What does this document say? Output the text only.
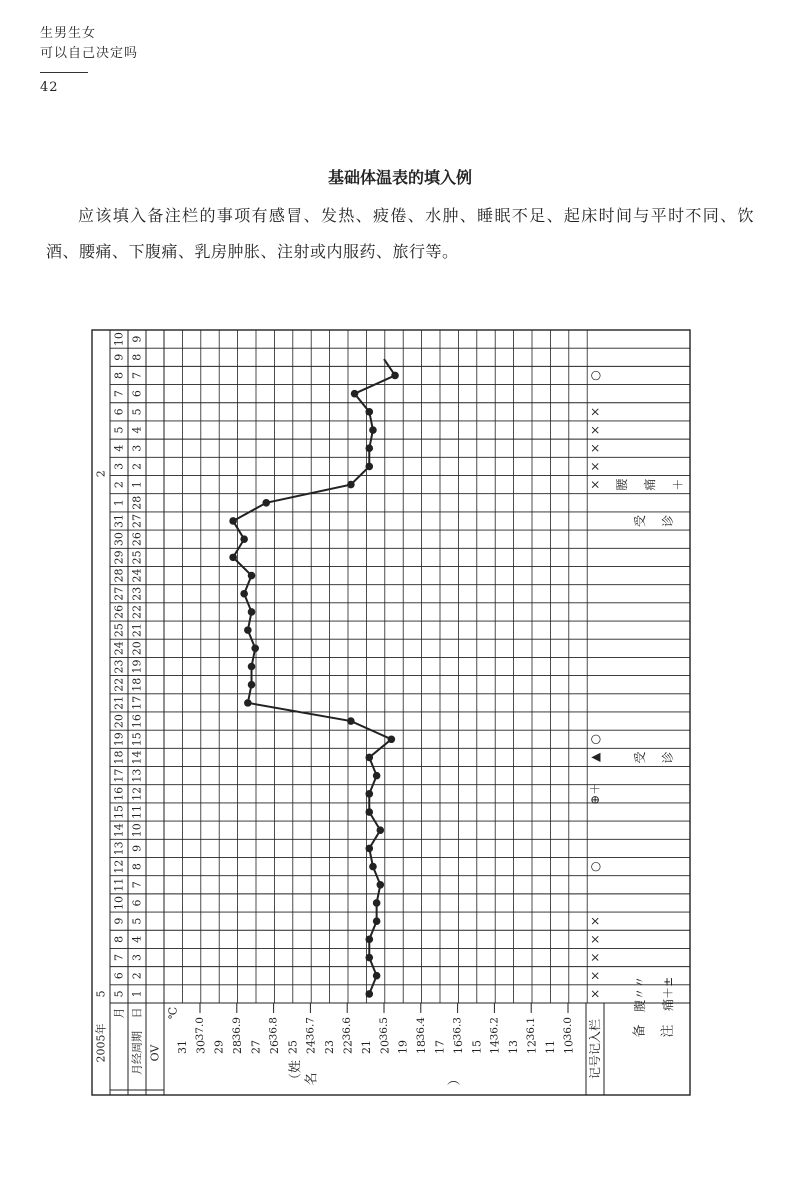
生男生女
可以自己决定吗
42
基础体温表的填入例
应该填入备注栏的事项有感冒、发热、疲倦、水肿、睡眠不足、起床时间与平时不同、饮酒、腰痛、下腹痛、乳房肿胀、注射或内服药、旅行等。
5
2
5
6
7
8
9
10
11
12
13
14
15
16
17
18
19
20
21
22
23
24
25
26
27
28
29
30
31
1
2
3
4
5
6
7
8
9
10
1
2
3
4
5
6
7
8
9
10
11
12
13
14
15
16
17
18
19
20
21
22
23
24
25
26
27
28
1
2
3
4
5
6
7
8
9
2005年
月 日
月经周期 OV
℃
记号记入栏 备 注
（姓 名	）
31 30 29 28 27 26 25 24 23 22 21 20 19 18 17 16 15 14 13 12 11 10
37.0 36.9 36.8 36.7 36.6 36.5 36.4 36.3 36.2 36.1 36.0
×
×
×
×
×
○
⊕＋
▲
○
×
×
×
×
×
○
腹〃〃 痛＋±
受 诊
受 诊
腰 痛 ＋
